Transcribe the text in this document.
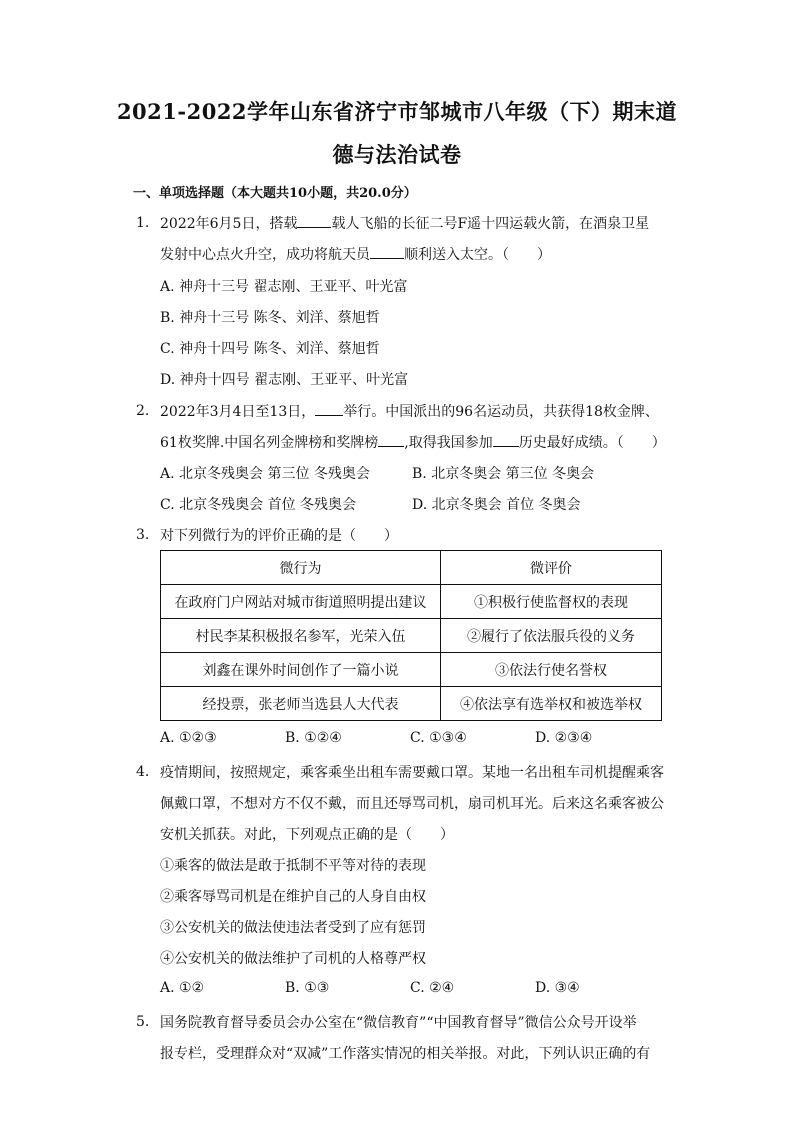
2021-2022学年山东省济宁市邹城市八年级（下）期末道
德与法治试卷
一、单项选择题（本大题共10小题，共20.0分）
1. 2022年6月5日，搭载 载人飞船的长征二号F遥十四运载火箭，在酒泉卫星
发射中心点火升空，成功将航天员 顺利送入太空。（　　）
A. 神舟十三号 翟志刚、王亚平、叶光富
B. 神舟十三号 陈冬、刘洋、蔡旭哲
C. 神舟十四号 陈冬、刘洋、蔡旭哲
D. 神舟十四号 翟志刚、王亚平、叶光富
2. 2022年3月4日至13日， 举行。中国派出的96名运动员，共获得18枚金牌、
61枚奖牌.中国名列金牌榜和奖牌榜 ,取得我国参加 历史最好成绩。（　　）
A. 北京冬残奥会 第三位 冬残奥会	B. 北京冬奥会 第三位 冬奥会
C. 北京冬残奥会 首位 冬残奥会	D. 北京冬奥会 首位 冬奥会
3. 对下列微行为的评价正确的是（　　）
微行为	微评价
在政府门户网站对城市街道照明提出建议	①积极行使监督权的表现
村民李某积极报名参军，光荣入伍	②履行了依法服兵役的义务
刘鑫在课外时间创作了一篇小说	③依法行使名誉权
经投票，张老师当选县人大代表	④依法享有选举权和被选举权
A. ①②③	B. ①②④	C. ①③④	D. ②③④
4. 疫情期间，按照规定，乘客乘坐出租车需要戴口罩。某地一名出租车司机提醒乘客
佩戴口罩，不想对方不仅不戴，而且还辱骂司机，扇司机耳光。后来这名乘客被公
安机关抓获。对此，下列观点正确的是（　　）
①乘客的做法是敢于抵制不平等对待的表现
②乘客辱骂司机是在维护自己的人身自由权
③公安机关的做法使违法者受到了应有惩罚
④公安机关的做法维护了司机的人格尊严权
A. ①②	B. ①③	C. ②④	D. ③④
5. 国务院教育督导委员会办公室在“微信教育”“中国教育督导”微信公众号开设举
报专栏，受理群众对“双减”工作落实情况的相关举报。对此，下列认识正确的有
